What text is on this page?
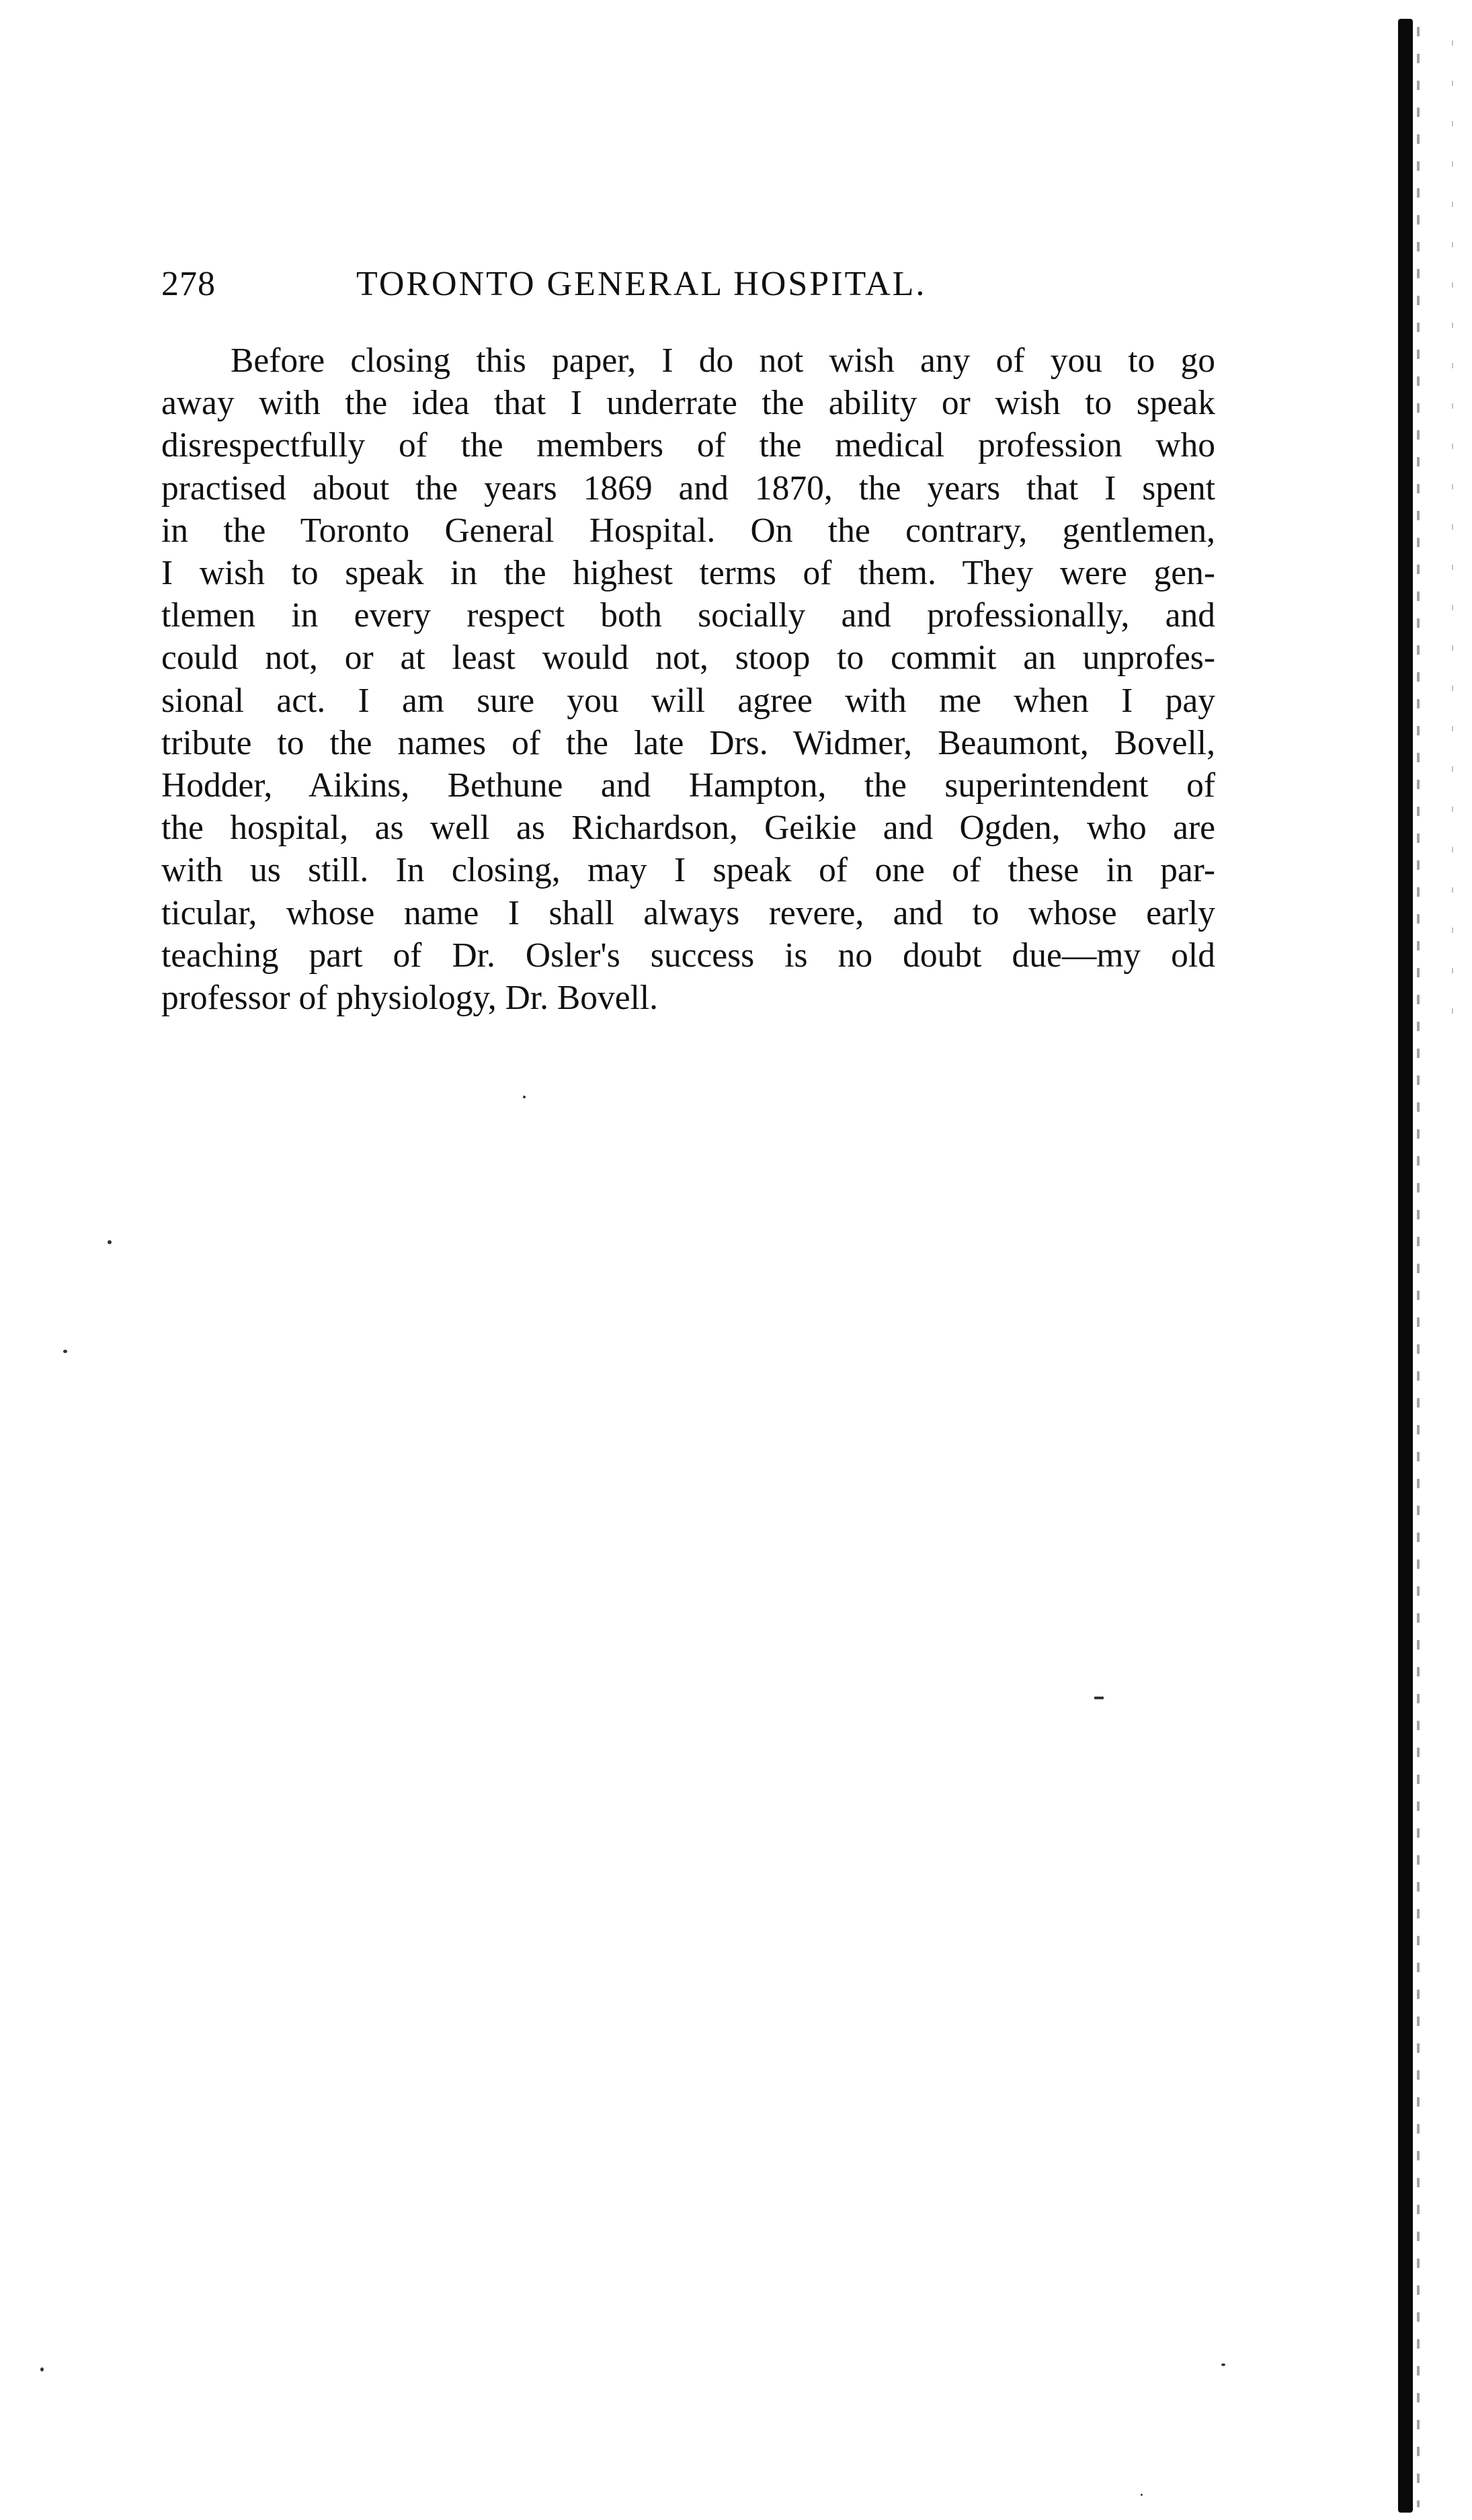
278	TORONTO GENERAL HOSPITAL.

Before closing this paper, I do not wish any of you to go
away with the idea that I underrate the ability or wish to speak
disrespectfully of the members of the medical profession who
practised about the years 1869 and 1870, the years that I spent
in the Toronto General Hospital. On the contrary, gentlemen,
I wish to speak in the highest terms of them. They were gen-
tlemen in every respect both socially and professionally, and
could not, or at least would not, stoop to commit an unprofes-
sional act. I am sure you will agree with me when I pay
tribute to the names of the late Drs. Widmer, Beaumont, Bovell,
Hodder, Aikins, Bethune and Hampton, the superintendent of
the hospital, as well as Richardson, Geikie and Ogden, who are
with us still. In closing, may I speak of one of these in par-
ticular, whose name I shall always revere, and to whose early
teaching part of Dr. Osler's success is no doubt due—my old
professor of physiology, Dr. Bovell.
